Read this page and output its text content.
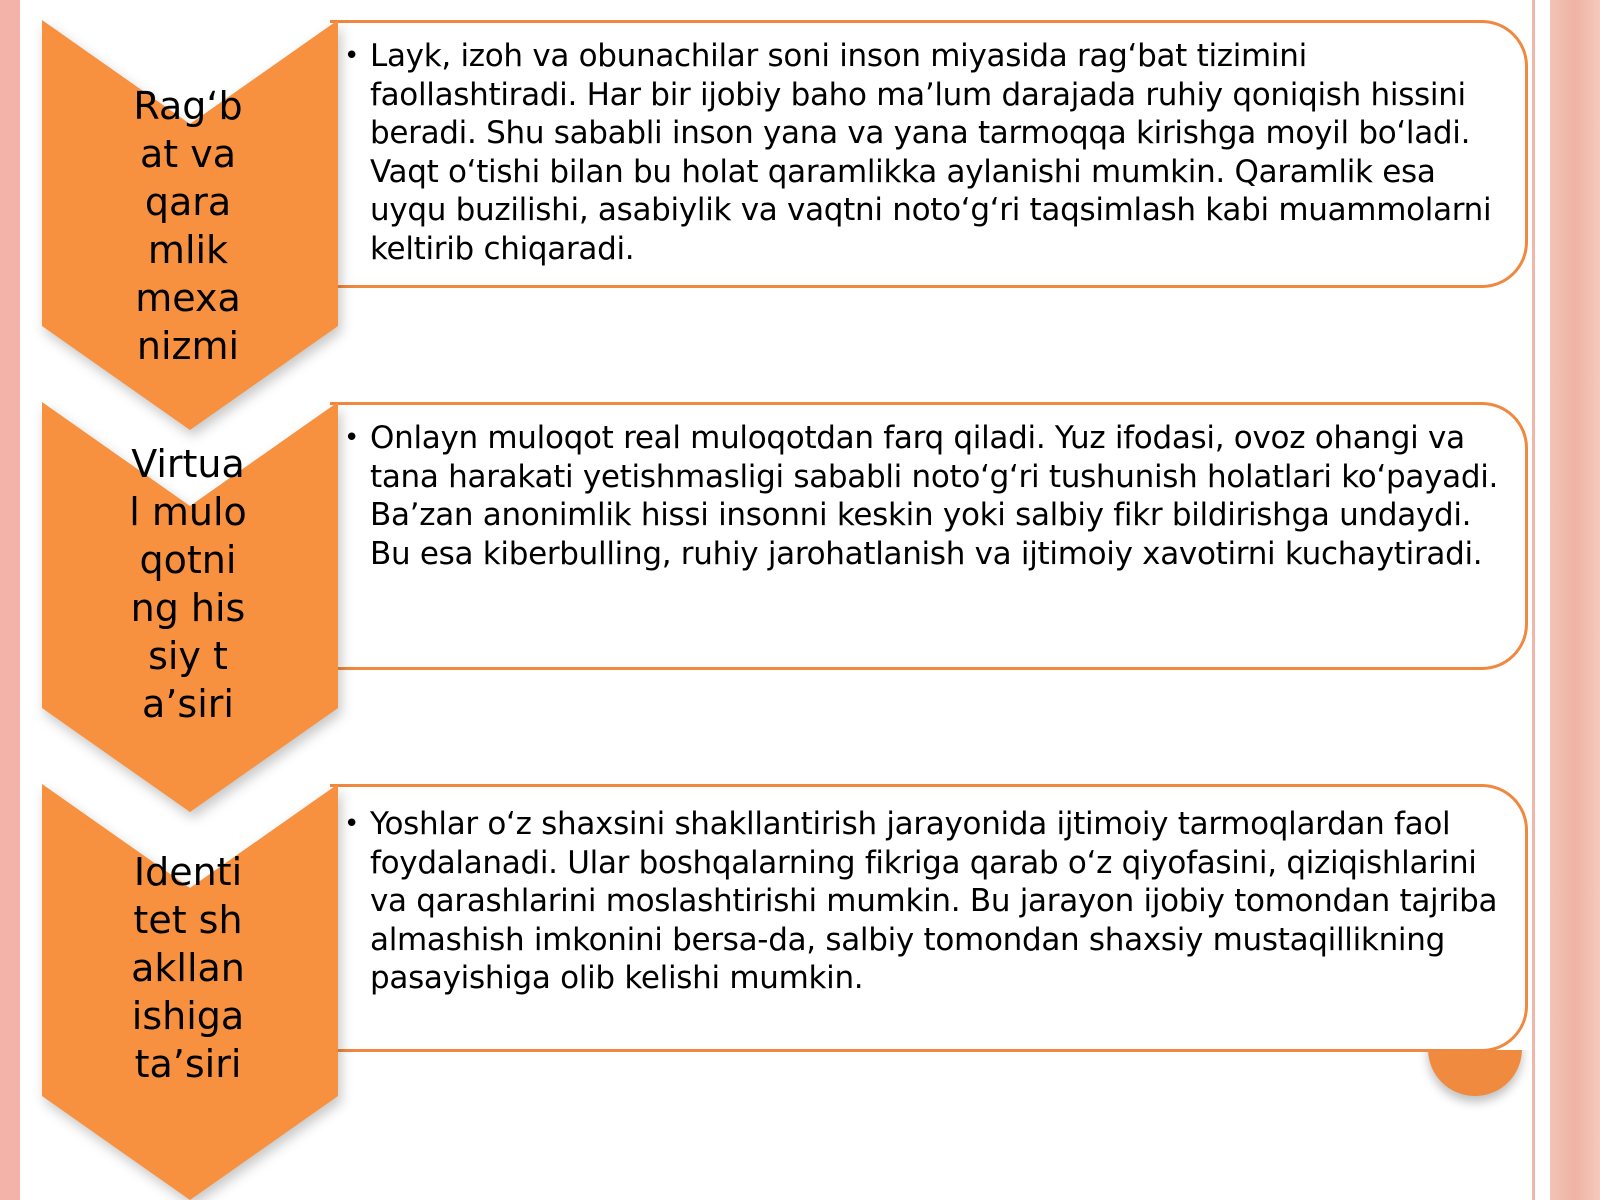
• Layk, izoh va obunachilar soni inson miyasida rag‘bat tizimini faollashtiradi. Har bir ijobiy baho ma’lum darajada ruhiy qoniqish hissini beradi. Shu sababli inson yana va yana tarmoqqa kirishga moyil bo‘ladi. Vaqt o‘tishi bilan bu holat qaramlikka aylanishi mumkin. Qaramlik esa uyqu buzilishi, asabiylik va vaqtni noto‘g‘ri taqsimlash kabi muammolarni keltirib chiqaradi.
Rag‘bat va qaramlik mexanizmi
• Onlayn muloqot real muloqotdan farq qiladi. Yuz ifodasi, ovoz ohangi va tana harakati yetishmasligi sababli noto‘g‘ri tushunish holatlari ko‘payadi. Ba’zan anonimlik hissi insonni keskin yoki salbiy fikr bildirishga undaydi. Bu esa kiberbulling, ruhiy jarohatlanish va ijtimoiy xavotirni kuchaytiradi.
Virtual muloqotning hissiy ta’siri
• Yoshlar o‘z shaxsini shakllantirish jarayonida ijtimoiy tarmoqlardan faol foydalanadi. Ular boshqalarning fikriga qarab o‘z qiyofasini, qiziqishlarini va qarashlarini moslashtirishi mumkin. Bu jarayon ijobiy tomondan tajriba almashish imkonini bersa-da, salbiy tomondan shaxsiy mustaqillikning pasayishiga olib kelishi mumkin.
Identitet shakllanishiga ta’siri
